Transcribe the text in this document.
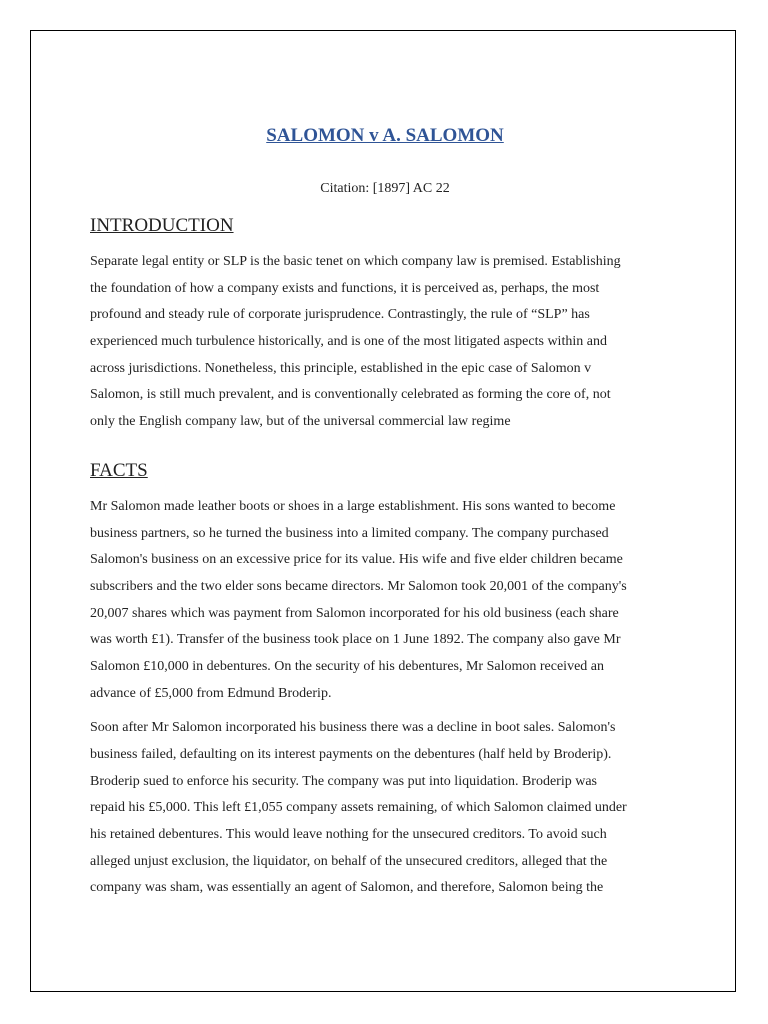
SALOMON v A. SALOMON
Citation: [1897] AC 22
INTRODUCTION

Separate legal entity or SLP is the basic tenet on which company law is premised. Establishing
the foundation of how a company exists and functions, it is perceived as, perhaps, the most
profound and steady rule of corporate jurisprudence. Contrastingly, the rule of “SLP” has
experienced much turbulence historically, and is one of the most litigated aspects within and
across jurisdictions. Nonetheless, this principle, established in the epic case of Salomon v
Salomon, is still much prevalent, and is conventionally celebrated as forming the core of, not
only the English company law, but of the universal commercial law regime

FACTS

Mr Salomon made leather boots or shoes in a large establishment. His sons wanted to become
business partners, so he turned the business into a limited company. The company purchased
Salomon's business on an excessive price for its value. His wife and five elder children became
subscribers and the two elder sons became directors. Mr Salomon took 20,001 of the company's
20,007 shares which was payment from Salomon incorporated for his old business (each share
was worth £1). Transfer of the business took place on 1 June 1892. The company also gave Mr
Salomon £10,000 in debentures. On the security of his debentures, Mr Salomon received an
advance of £5,000 from Edmund Broderip.

Soon after Mr Salomon incorporated his business there was a decline in boot sales. Salomon's
business failed, defaulting on its interest payments on the debentures (half held by Broderip).
Broderip sued to enforce his security. The company was put into liquidation. Broderip was
repaid his £5,000. This left £1,055 company assets remaining, of which Salomon claimed under
his retained debentures. This would leave nothing for the unsecured creditors. To avoid such
alleged unjust exclusion, the liquidator, on behalf of the unsecured creditors, alleged that the
company was sham, was essentially an agent of Salomon, and therefore, Salomon being the
